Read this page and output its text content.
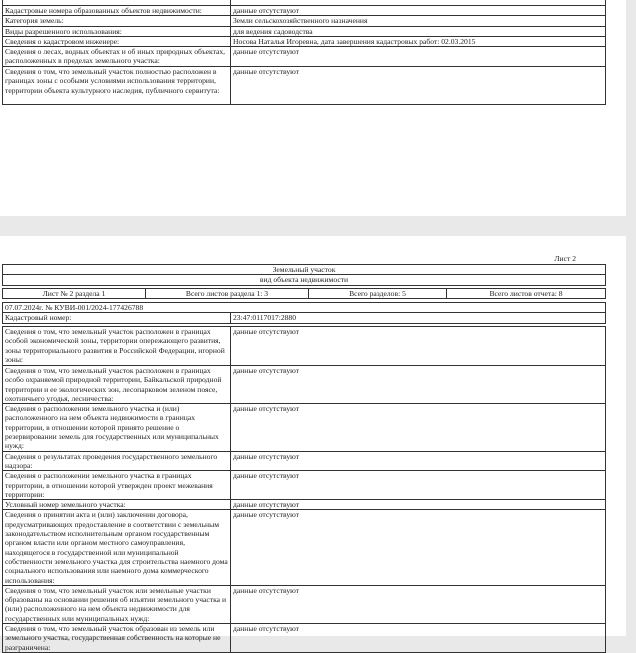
Кадастровые номера образованных объектов недвижимости:	данные отсутствуют
Категория земель:	Земли сельскохозяйственного назначения
Виды разрешенного использования:	для ведения садоводства
Сведения о кадастровом инженере:	Носова Наталья Игоревна, дата завершения кадастровых работ: 02.03.2015
Сведения о лесах, водных объектах и об иных природных объектах, расположенных в пределах земельного участка:	данные отсутствуют
Сведения о том, что земельный участок полностью расположен в границах зоны с особыми условиями использования территории, территории объекта культурного наследия, публичного сервитута:	данные отсутствуют
Лист 2
Земельный участок
вид объекта недвижимости
Лист № 2 раздела 1	Всего листов раздела 1: 3	Всего разделов: 5	Всего листов отчета: 8
07.07.2024г. № КУВИ-001/2024-177426788
Кадастровый номер:	23:47:0117017:2880
Сведения о том, что земельный участок расположен в границах особой экономической зоны, территории опережающего развития, зоны территориального развития в Российской Федерации, игорной зоны:	данные отсутствуют
Сведения о том, что земельный участок расположен в границах особо охраняемой природной территории, Байкальской природной территории и ее экологических зон, лесопарковом зеленом поясе, охотничьего угодья, лесничества:	данные отсутствуют
Сведения о расположении земельного участка и (или) расположенного на нем объекта недвижимости в границах территории, в отношении которой принято решение о резервировании земель для государственных или муниципальных нужд:	данные отсутствуют
Сведения о результатах проведения государственного земельного надзора:	данные отсутствуют
Сведения о расположении земельного участка в границах территории, в отношении которой утвержден проект межевания территории:	данные отсутствуют
Условный номер земельного участка:	данные отсутствуют
Сведения о принятии акта и (или) заключении договора, предусматривающих предоставление в соответствии с земельным законодательством исполнительным органом государственным органом власти или органом местного самоуправления, находящегося в государственной или муниципальной собственности земельного участка для строительства наемного дома социального использования или наемного дома коммерческого использования:	данные отсутствуют
Сведения о том, что земельный участок или земельные участки образованы на основании решения об изъятии земельного участка и (или) расположенного на нем объекта недвижимости для государственных или муниципальных нужд:	данные отсутствуют
Сведения о том, что земельный участок образован из земель или земельного участка, государственная собственность на которые не разграничена:	данные отсутствуют
